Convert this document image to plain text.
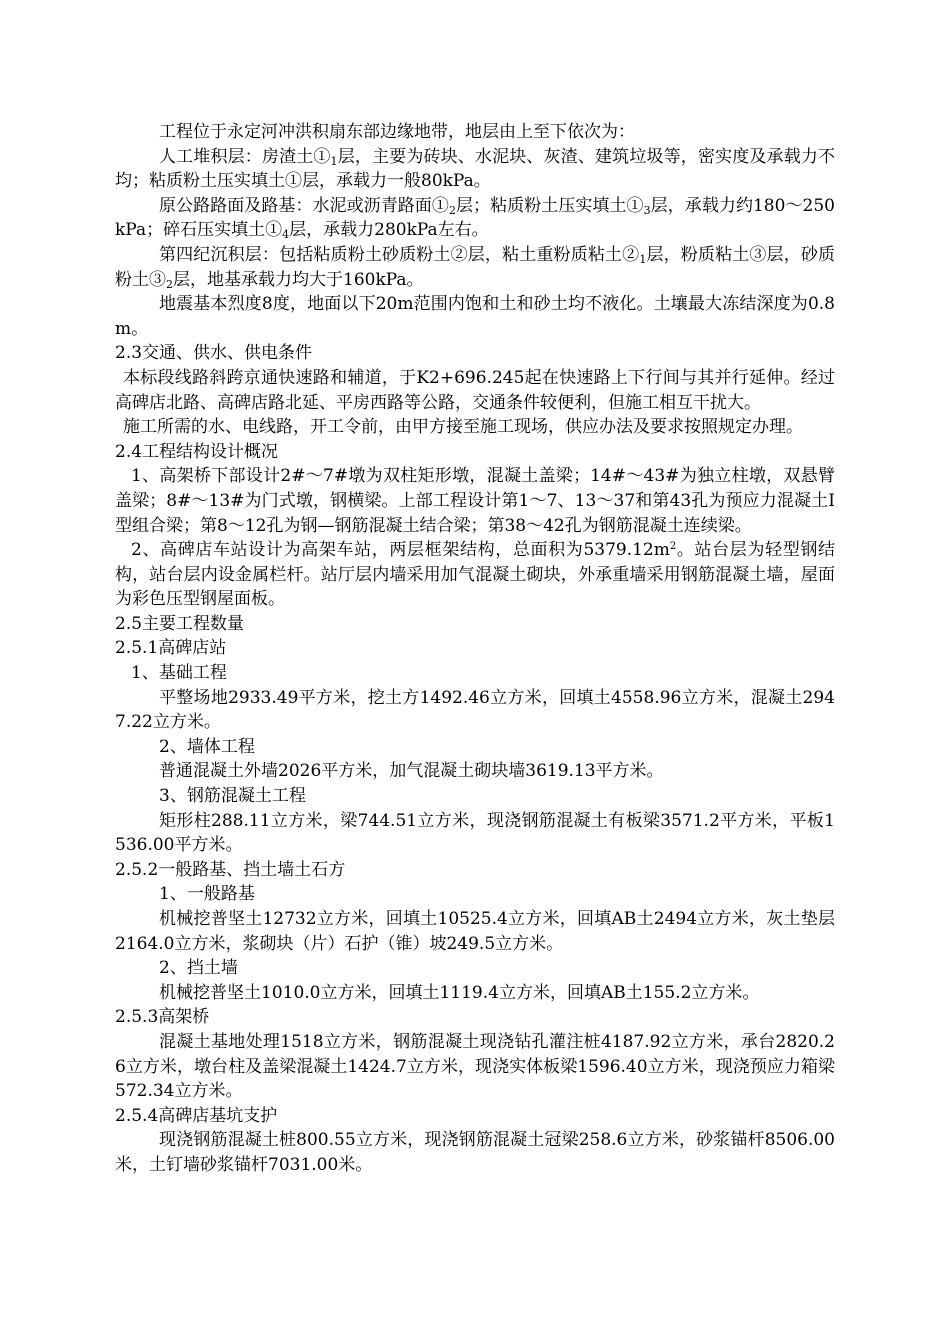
工程位于永定河冲洪积扇东部边缘地带，地层由上至下依次为：

人工堆积层：房渣土$①_1$层，主要为砖块、水泥块、灰渣、建筑垃圾等，密实度及承载力不均；粘质粉土压实填土①层，承载力一般80kPa。

原公路路面及路基：水泥或沥青路面$①_2$层；粘质粉土压实填土$①_3$层，承载力约180～250kPa；碎石压实填土$①_4$层，承载力280kPa左右。

第四纪沉积层：包括粘质粉土砂质粉土②层，粘土重粉质粘土$②_1$层，粉质粘土③层，砂质粉土$③_2$层，地基承载力均大于160kPa。

地震基本烈度8度，地面以下20m范围内饱和土和砂土均不液化。土壤最大冻结深度为0.8m。

2.3交通、供水、供电条件

本标段线路斜跨京通快速路和辅道，于K2+696.245起在快速路上下行间与其并行延伸。经过高碑店北路、高碑店路北延、平房西路等公路，交通条件较便利，但施工相互干扰大。

施工所需的水、电线路，开工令前，由甲方接至施工现场，供应办法及要求按照规定办理。

2.4工程结构设计概况

1、高架桥下部设计2#～7#墩为双柱矩形墩，混凝土盖梁；14#～43#为独立柱墩，双悬臂盖梁；8#～13#为门式墩，钢横梁。上部工程设计第1～7、13～37和第43孔为预应力混凝土Ⅰ型组合梁；第8～12孔为钢—钢筋混凝土结合梁；第38～42孔为钢筋混凝土连续梁。

2、高碑店车站设计为高架车站，两层框架结构，总面积为$5379.12m^2$。站台层为轻型钢结构，站台层内设金属栏杆。站厅层内墙采用加气混凝土砌块，外承重墙采用钢筋混凝土墙，屋面为彩色压型钢屋面板。

2.5主要工程数量

2.5.1高碑店站

1、基础工程

平整场地2933.49平方米，挖土方1492.46立方米，回填土4558.96立方米，混凝土2947.22立方米。

2、墙体工程

普通混凝土外墙2026平方米，加气混凝土砌块墙3619.13平方米。

3、钢筋混凝土工程

矩形柱288.11立方米，梁744.51立方米，现浇钢筋混凝土有板梁3571.2平方米，平板1536.00平方米。

2.5.2一般路基、挡土墙土石方

1、一般路基

机械挖普坚土12732立方米，回填土10525.4立方米，回填AB土2494立方米，灰土垫层2164.0立方米，浆砌块（片）石护（锥）坡249.5立方米。

2、挡土墙

机械挖普坚土1010.0立方米，回填土1119.4立方米，回填AB土155.2立方米。

2.5.3高架桥

混凝土基地处理1518立方米，钢筋混凝土现浇钻孔灌注桩4187.92立方米，承台2820.26立方米，墩台柱及盖梁混凝土1424.7立方米，现浇实体板梁1596.40立方米，现浇预应力箱梁572.34立方米。

2.5.4高碑店基坑支护

现浇钢筋混凝土桩800.55立方米，现浇钢筋混凝土冠梁258.6立方米，砂浆锚杆8506.00米，土钉墙砂浆锚杆7031.00米。
